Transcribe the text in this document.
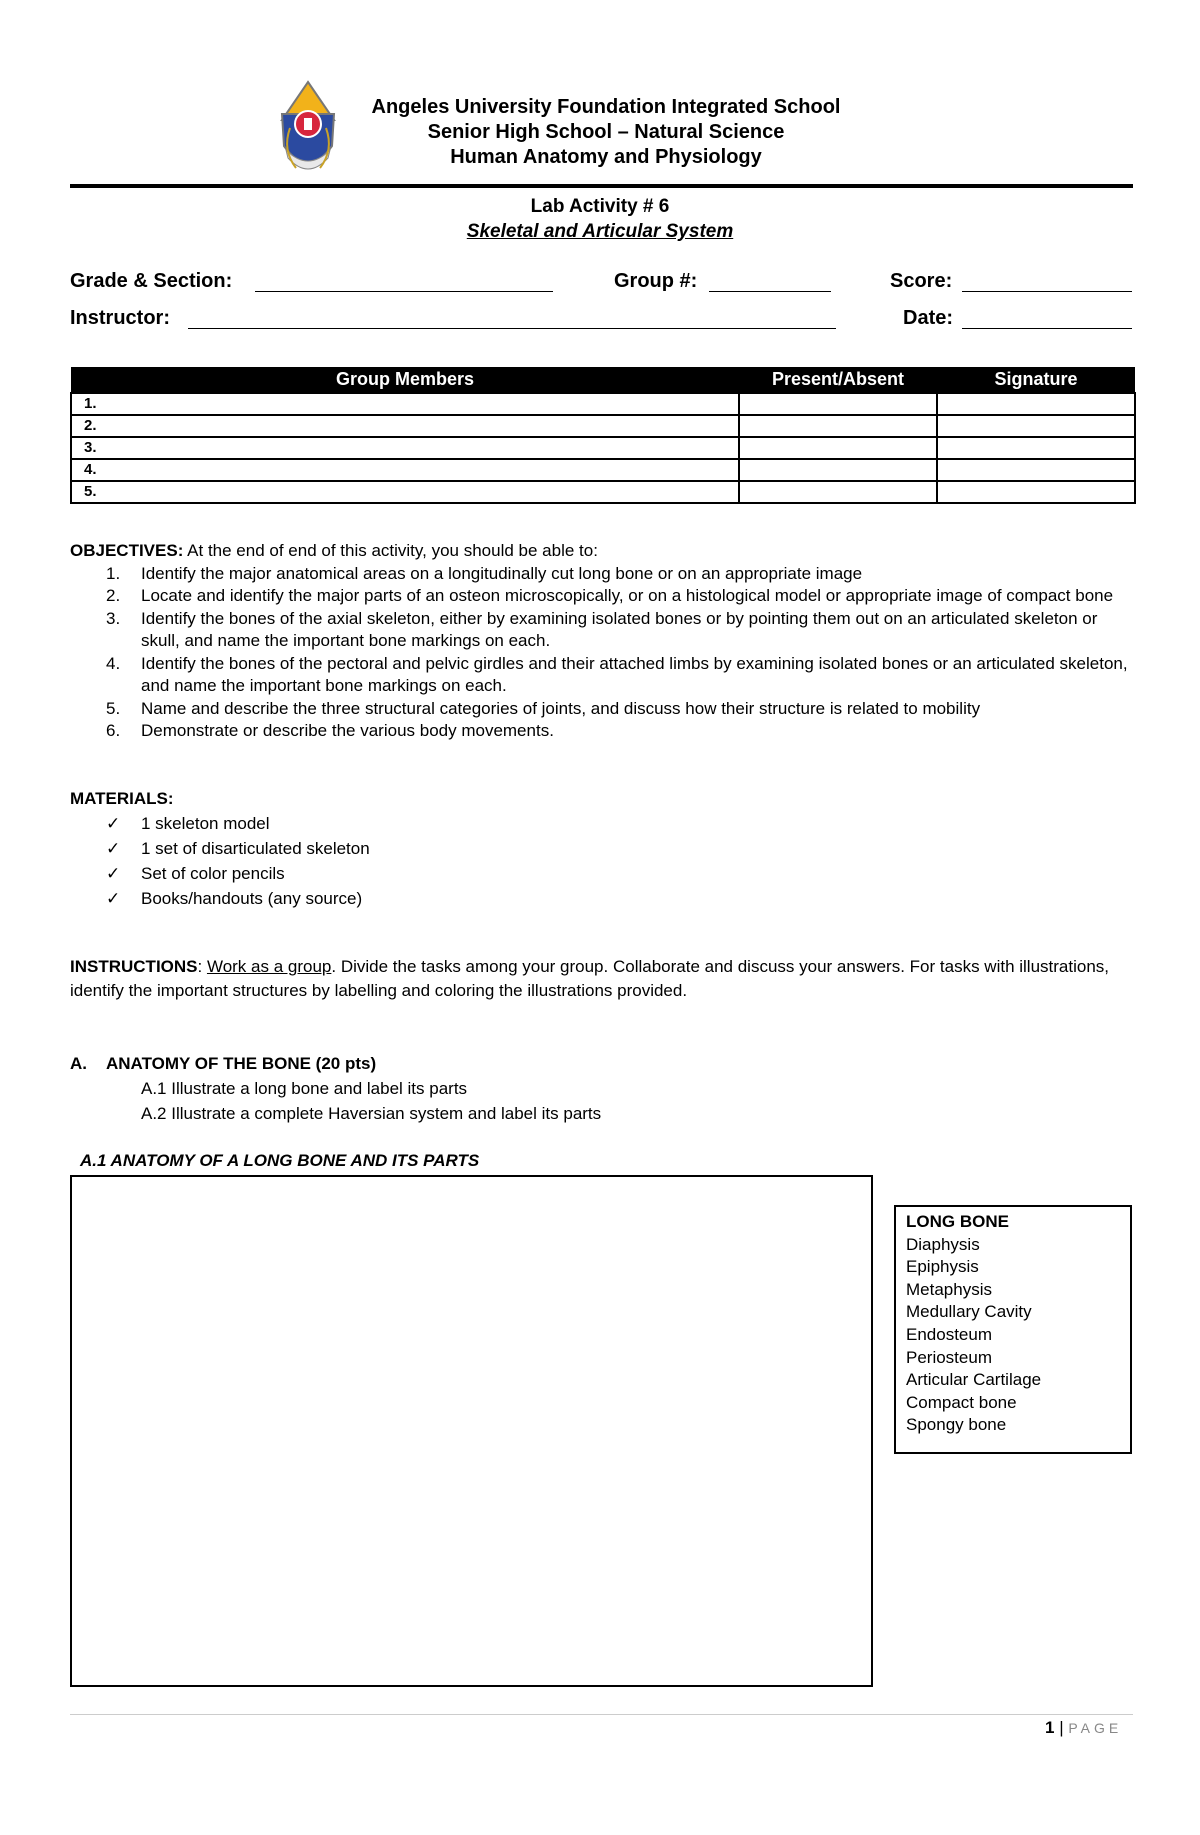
Angeles University Foundation Integrated School
Senior High School – Natural Science
Human Anatomy and Physiology
Lab Activity # 6
Skeletal and Articular System
Grade & Section:	Group #:	Score:
Instructor:	Date:
Group Members	Present/Absent	Signature
1.		
2.		
3.		
4.		
5.		
OBJECTIVES: At the end of end of this activity, you should be able to:
1. Identify the major anatomical areas on a longitudinally cut long bone or on an appropriate image
2. Locate and identify the major parts of an osteon microscopically, or on a histological model or appropriate image of compact bone
3. Identify the bones of the axial skeleton, either by examining isolated bones or by pointing them out on an articulated skeleton or skull, and name the important bone markings on each.
4. Identify the bones of the pectoral and pelvic girdles and their attached limbs by examining isolated bones or an articulated skeleton, and name the important bone markings on each.
5. Name and describe the three structural categories of joints, and discuss how their structure is related to mobility
6. Demonstrate or describe the various body movements.
MATERIALS:
✓ 1 skeleton model
✓ 1 set of disarticulated skeleton
✓ Set of color pencils
✓ Books/handouts (any source)
INSTRUCTIONS: Work as a group. Divide the tasks among your group. Collaborate and discuss your answers. For tasks with illustrations, identify the important structures by labelling and coloring the illustrations provided.
A. ANATOMY OF THE BONE (20 pts)
A.1 Illustrate a long bone and label its parts
A.2 Illustrate a complete Haversian system and label its parts
A.1 ANATOMY OF A LONG BONE AND ITS PARTS
LONG BONE
Diaphysis
Epiphysis
Metaphysis
Medullary Cavity
Endosteum
Periosteum
Articular Cartilage
Compact bone
Spongy bone
1 | PAGE
